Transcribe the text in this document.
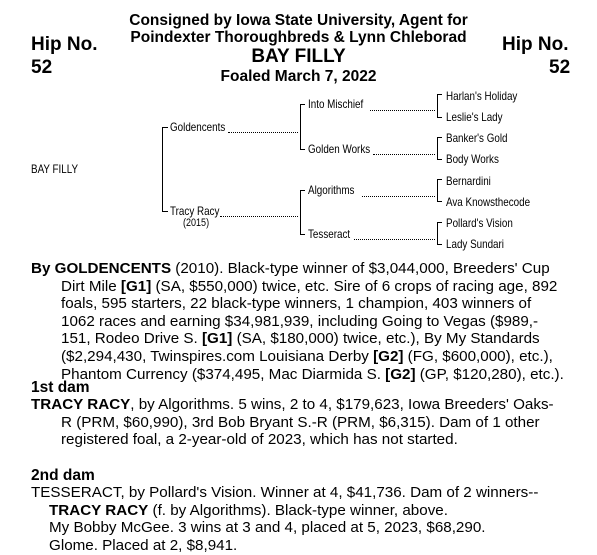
Hip No.
52
Hip No.
52
Consigned by Iowa State University, Agent for
Poindexter Thoroughbreds & Lynn Chleborad
BAY FILLY
Foaled March 7, 2022
BAY FILLY
Goldencents
Tracy Racy
(2015)
Into Mischief
Golden Works
Algorithms
Tesseract
Harlan's Holiday
Leslie's Lady
Banker's Gold
Body Works
Bernardini
Ava Knowsthecode
Pollard's Vision
Lady Sundari
By GOLDENCENTS (2010). Black-type winner of $3,044,000, Breeders' Cup
Dirt Mile [G1] (SA, $550,000) twice, etc. Sire of 6 crops of racing age, 892
foals, 595 starters, 22 black-type winners, 1 champion, 403 winners of
1062 races and earning $34,981,939, including Going to Vegas ($989,-
151, Rodeo Drive S. [G1] (SA, $180,000) twice, etc.), By My Standards
($2,294,430, Twinspires.com Louisiana Derby [G2] (FG, $600,000), etc.),
Phantom Currency ($374,495, Mac Diarmida S. [G2] (GP, $120,280), etc.).
1st dam
TRACY RACY, by Algorithms. 5 wins, 2 to 4, $179,623, Iowa Breeders' Oaks-
R (PRM, $60,990), 3rd Bob Bryant S.-R (PRM, $6,315). Dam of 1 other
registered foal, a 2-year-old of 2023, which has not started.
2nd dam
TESSERACT, by Pollard's Vision. Winner at 4, $41,736. Dam of 2 winners--
TRACY RACY (f. by Algorithms). Black-type winner, above.
My Bobby McGee. 3 wins at 3 and 4, placed at 5, 2023, $68,290.
Glome. Placed at 2, $8,941.
